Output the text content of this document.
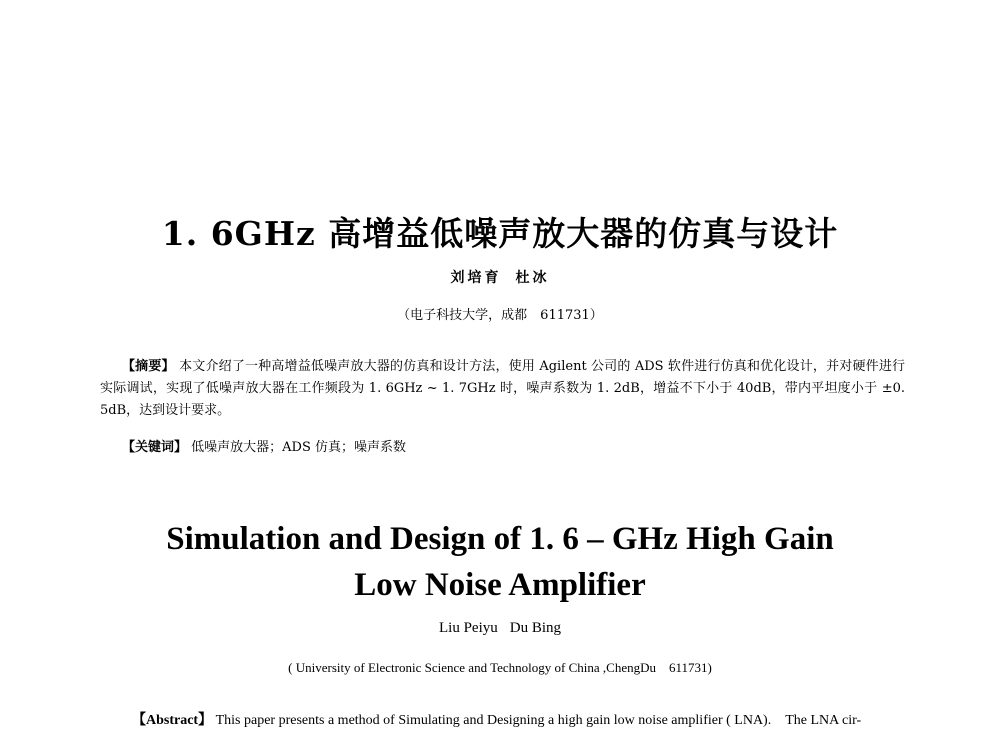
1. 6GHz 高增益低噪声放大器的仿真与设计
刘培育 杜冰
（电子科技大学，成都　611731）
【摘要】 本文介绍了一种高增益低噪声放大器的仿真和设计方法，使用 Agilent 公司的 ADS 软件进行仿真和优化设计，并对硬件进行实际调试，实现了低噪声放大器在工作频段为 1. 6GHz ~ 1. 7GHz 时，噪声系数为 1. 2dB，增益不下小于 40dB，带内平坦度小于 ±0. 5dB，达到设计要求。
【关键词】 低噪声放大器；ADS 仿真；噪声系数
Simulation and Design of 1. 6 – GHz High Gain
Low Noise Amplifier
Liu Peiyu Du Bing
( University of Electronic Science and Technology of China ,ChengDu　611731)
【Abstract】 This paper presents a method of Simulating and Designing a high gain low noise amplifier ( LNA).　The LNA cir-
